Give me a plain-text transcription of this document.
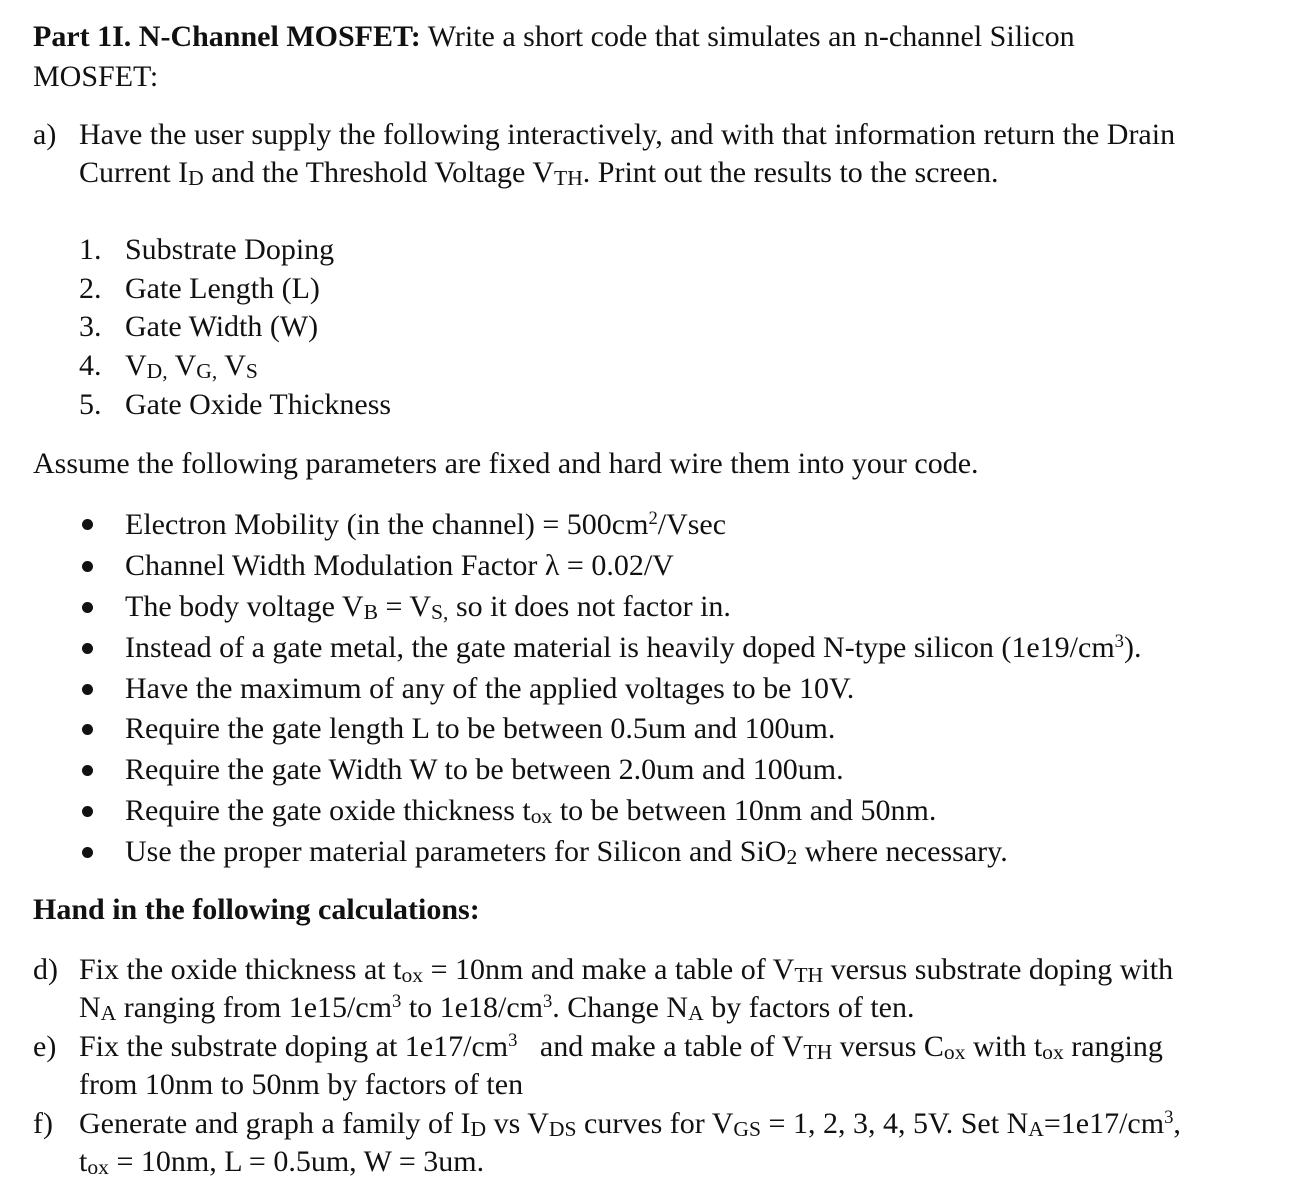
Part 1I. N-Channel MOSFET: Write a short code that simulates an n-channel Silicon
MOSFET:
a) Have the user supply the following interactively, and with that information return the Drain
Current ID and the Threshold Voltage VTH. Print out the results to the screen.
1. Substrate Doping
2. Gate Length (L)
3. Gate Width (W)
4. VD, VG, VS
5. Gate Oxide Thickness
Assume the following parameters are fixed and hard wire them into your code.
Electron Mobility (in the channel) = $500cm^2$/Vsec
Channel Width Modulation Factor λ = 0.02/V
The body voltage VB = VS, so it does not factor in.
Instead of a gate metal, the gate material is heavily doped N-type silicon $(1e19/cm^3)$.
Have the maximum of any of the applied voltages to be 10V.
Require the gate length L to be between 0.5um and 100um.
Require the gate Width W to be between 2.0um and 100um.
Require the gate oxide thickness tox to be between 10nm and 50nm.
Use the proper material parameters for Silicon and SiO2 where necessary.
Hand in the following calculations:
d) Fix the oxide thickness at tox = 10nm and make a table of VTH versus substrate doping with
NA ranging from $1e15/cm^3$ to $1e18/cm^3$. Change NA by factors of ten.
e) Fix the substrate doping at $1e17/cm^3$   and make a table of VTH versus Cox with tox ranging
from 10nm to 50nm by factors of ten
f) Generate and graph a family of ID vs VDS curves for VGS = 1, 2, 3, 4, 5V. Set $NA=1e17/cm^3$,
tox = 10nm, L = 0.5um, W = 3um.
